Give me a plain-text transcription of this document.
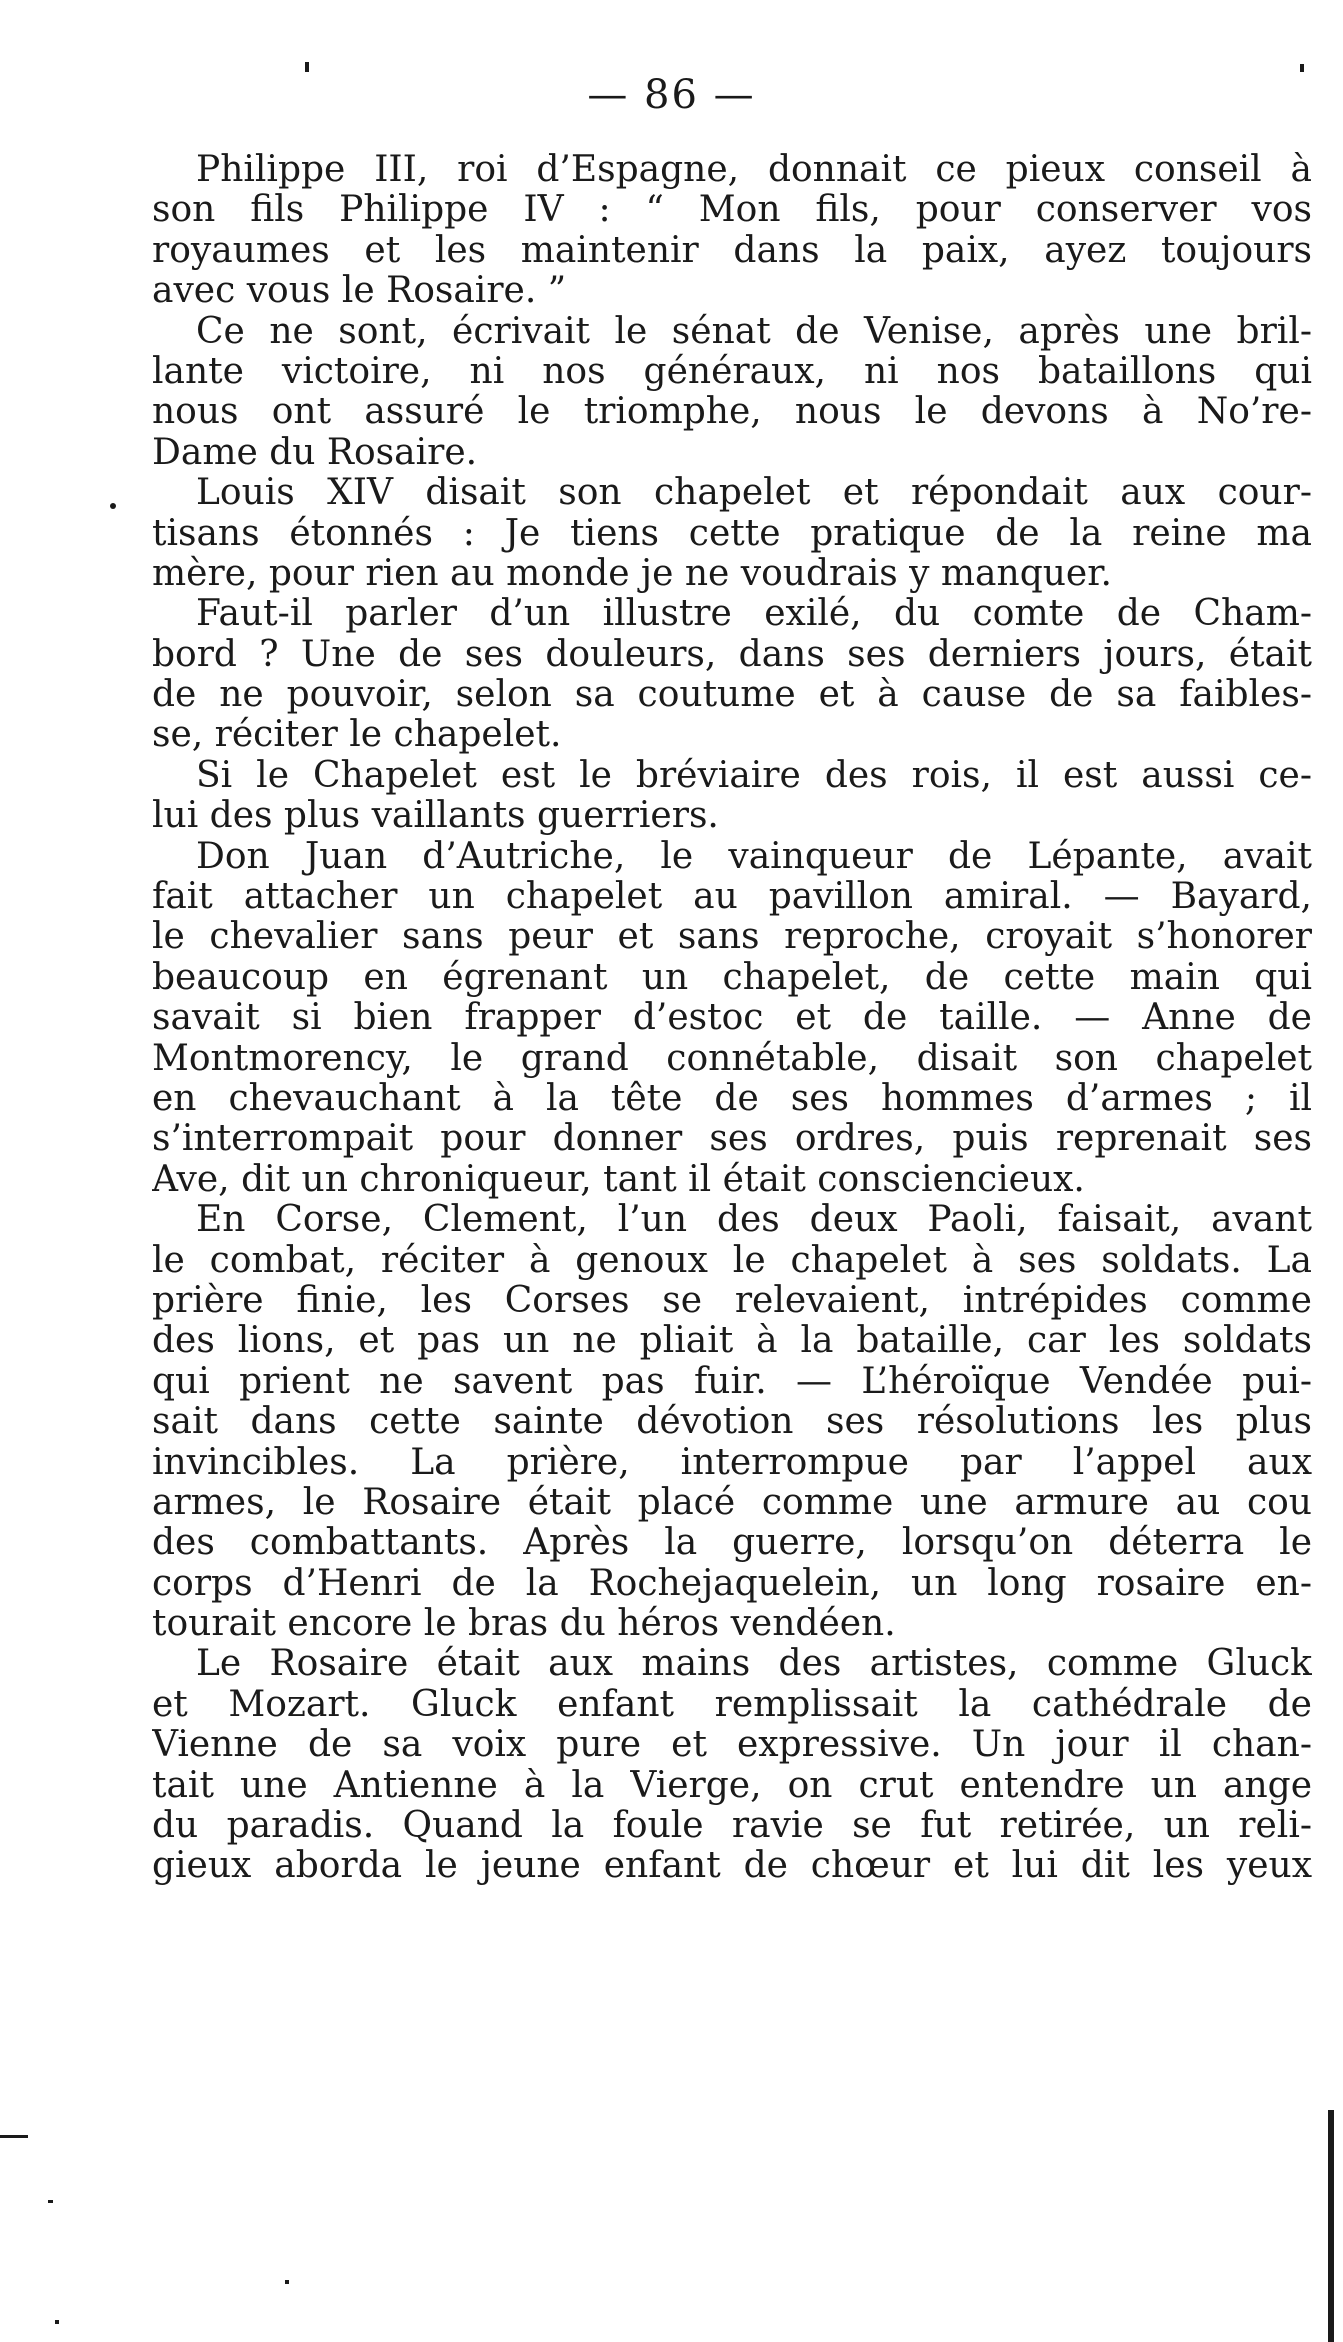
— 86 —

Philippe III, roi d’Espagne, donnait ce pieux conseil à
son fils Philippe IV : “ Mon fils, pour conserver vos
royaumes et les maintenir dans la paix, ayez toujours
avec vous le Rosaire. ”
Ce ne sont, écrivait le sénat de Venise, après une bril-
lante victoire, ni nos généraux, ni nos bataillons qui
nous ont assuré le triomphe, nous le devons à No’re-
Dame du Rosaire.
Louis XIV disait son chapelet et répondait aux cour-
tisans étonnés : Je tiens cette pratique de la reine ma
mère, pour rien au monde je ne voudrais y manquer.
Faut-il parler d’un illustre exilé, du comte de Cham-
bord ? Une de ses douleurs, dans ses derniers jours, était
de ne pouvoir, selon sa coutume et à cause de sa faibles-
se, réciter le chapelet.
Si le Chapelet est le bréviaire des rois, il est aussi ce-
lui des plus vaillants guerriers.
Don Juan d’Autriche, le vainqueur de Lépante, avait
fait attacher un chapelet au pavillon amiral. — Bayard,
le chevalier sans peur et sans reproche, croyait s’honorer
beaucoup en égrenant un chapelet, de cette main qui
savait si bien frapper d’estoc et de taille. — Anne de
Montmorency, le grand connétable, disait son chapelet
en chevauchant à la tête de ses hommes d’armes ; il
s’interrompait pour donner ses ordres, puis reprenait ses
Ave, dit un chroniqueur, tant il était consciencieux.
En Corse, Clement, l’un des deux Paoli, faisait, avant
le combat, réciter à genoux le chapelet à ses soldats. La
prière finie, les Corses se relevaient, intrépides comme
des lions, et pas un ne pliait à la bataille, car les soldats
qui prient ne savent pas fuir. — L’héroïque Vendée pui-
sait dans cette sainte dévotion ses résolutions les plus
invincibles. La prière, interrompue par l’appel aux
armes, le Rosaire était placé comme une armure au cou
des combattants. Après la guerre, lorsqu’on déterra le
corps d’Henri de la Rochejaquelein, un long rosaire en-
tourait encore le bras du héros vendéen.
Le Rosaire était aux mains des artistes, comme Gluck
et Mozart. Gluck enfant remplissait la cathédrale de
Vienne de sa voix pure et expressive. Un jour il chan-
tait une Antienne à la Vierge, on crut entendre un ange
du paradis. Quand la foule ravie se fut retirée, un reli-
gieux aborda le jeune enfant de chœur et lui dit les yeux
